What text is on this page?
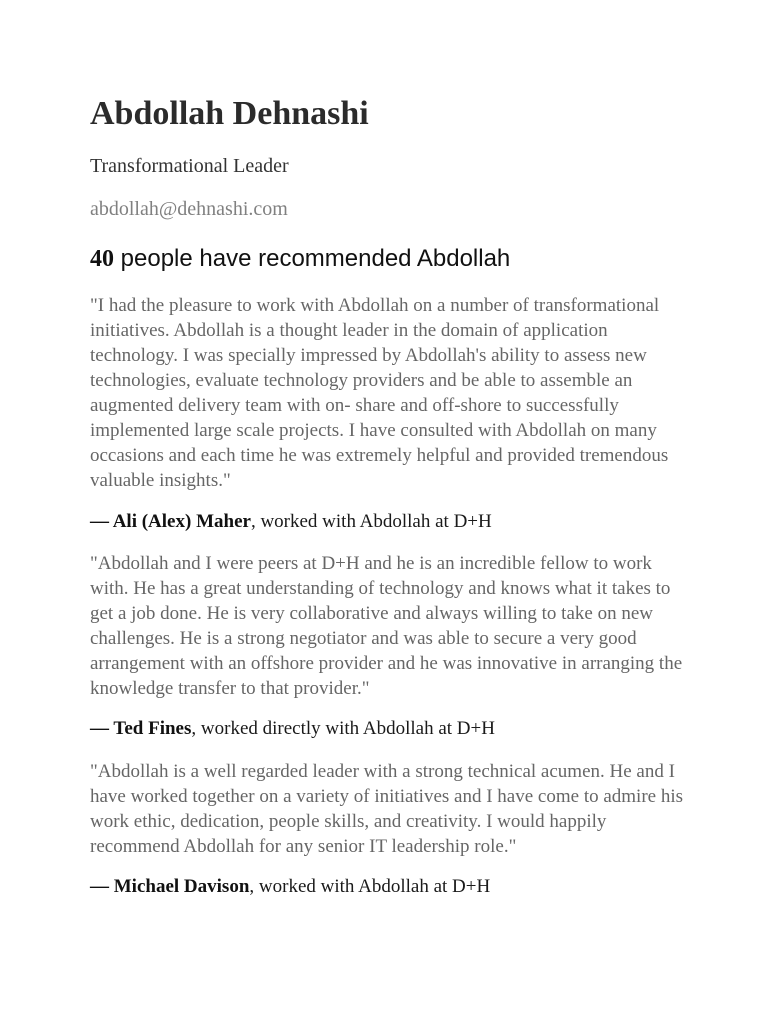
Abdollah Dehnashi
Transformational Leader
abdollah@dehnashi.com
40 people have recommended Abdollah

"I had the pleasure to work with Abdollah on a number of transformational initiatives. Abdollah is a thought leader in the domain of application technology. I was specially impressed by Abdollah's ability to assess new technologies, evaluate technology providers and be able to assemble an augmented delivery team with on- share and off-shore to successfully implemented large scale projects. I have consulted with Abdollah on many occasions and each time he was extremely helpful and provided tremendous valuable insights."

— Ali (Alex) Maher, worked with Abdollah at D+H

"Abdollah and I were peers at D+H and he is an incredible fellow to work with. He has a great understanding of technology and knows what it takes to get a job done. He is very collaborative and always willing to take on new challenges. He is a strong negotiator and was able to secure a very good arrangement with an offshore provider and he was innovative in arranging the knowledge transfer to that provider."

— Ted Fines, worked directly with Abdollah at D+H

"Abdollah is a well regarded leader with a strong technical acumen. He and I have worked together on a variety of initiatives and I have come to admire his work ethic, dedication, people skills, and creativity. I would happily recommend Abdollah for any senior IT leadership role."

— Michael Davison, worked with Abdollah at D+H
